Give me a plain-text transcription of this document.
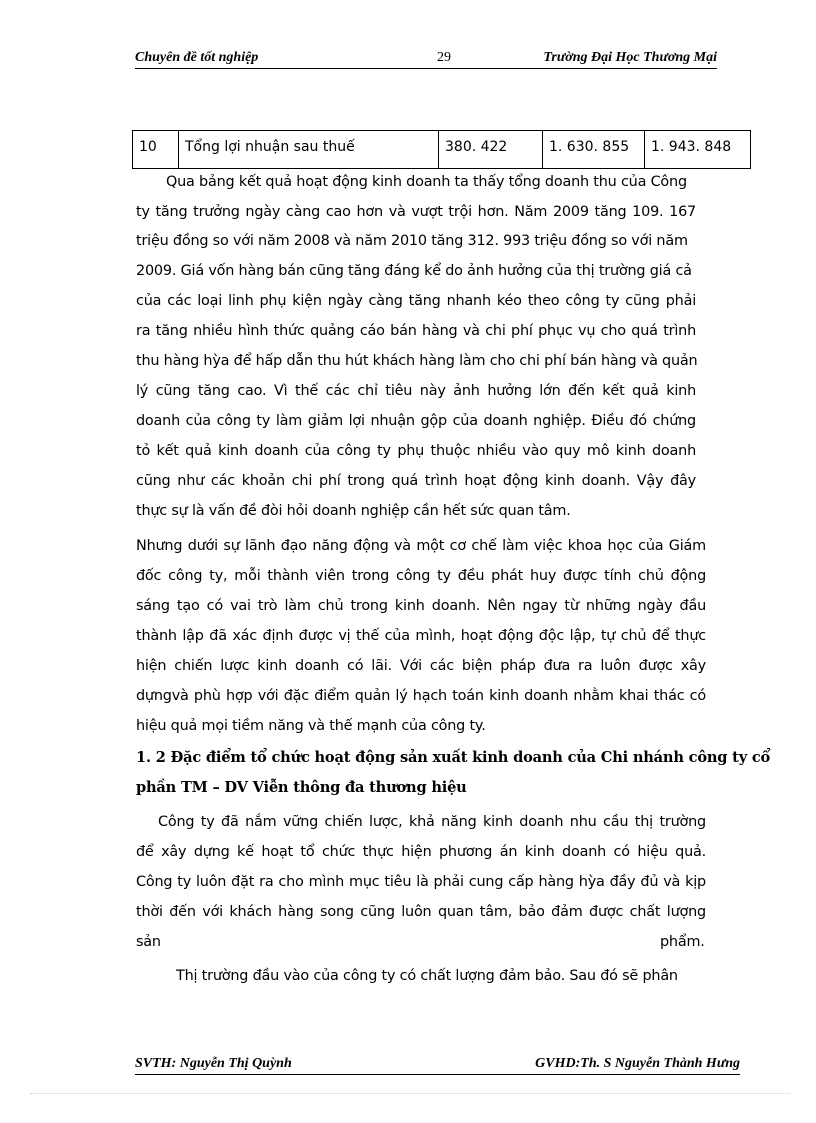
Chuyên đề tốt nghiệp	29	Trường Đại Học Thương Mại
10	Tổng lợi nhuận sau thuế	380. 422	1. 630. 855	1. 943. 848
Qua bảng kết quả hoạt động kinh doanh ta thấy tổng doanh thu của Công
ty tăng trưởng ngày càng cao hơn và vượt trội hơn. Năm 2009 tăng 109. 167
triệu đồng so với năm 2008 và năm 2010 tăng 312. 993 triệu đồng so với năm
2009. Giá vốn hàng bán cũng tăng đáng kể do ảnh hưởng của thị trường giá cả
của các loại linh phụ kiện ngày càng tăng nhanh kéo theo công ty cũng phải
ra tăng nhiều hình thức quảng cáo bán hàng và chi phí phục vụ cho quá trình
thu hàng hỳa để hấp dẫn thu hút khách hàng làm cho chi phí bán hàng và quản
lý cũng tăng cao. Vì thế các chỉ tiêu này ảnh hưởng lớn đến kết quả kinh
doanh của công ty làm giảm lợi nhuận gộp của doanh nghiệp. Điều đó chứng
tỏ kết quả kinh doanh của công ty phụ thuộc nhiều vào quy mô kinh doanh
cũng như các khoản chi phí trong quá trình hoạt động kinh doanh. Vậy đây
thực sự là vấn đề đòi hỏi doanh nghiệp cần hết sức quan tâm.
Nhưng dưới sự lãnh đạo năng động và một cơ chế làm việc khoa học của Giám
đốc công ty, mỗi thành viên trong công ty đều phát huy được tính chủ động
sáng tạo có vai trò làm chủ trong kinh doanh. Nên ngay từ những ngày đầu
thành lập đã xác định được vị thế của mình, hoạt động độc lập, tự chủ để thực
hiện chiến lược kinh doanh có lãi. Với các biện pháp đưa ra luôn được xây
dựngvà phù hợp với đặc điểm quản lý hạch toán kinh doanh nhằm khai thác có
hiệu quả mọi tiềm năng và thế mạnh của công ty.
1. 2 Đặc điểm tổ chức hoạt động sản xuất kinh doanh của Chi nhánh công ty cổ
phần TM – DV Viễn thông đa thương hiệu
Công ty đã nắm vững chiến lược, khả năng kinh doanh nhu cầu thị trường
để xây dựng kế hoạt tổ chức thực hiện phương án kinh doanh có hiệu quả.
Công ty luôn đặt ra cho mình mục tiêu là phải cung cấp hàng hỳa đầy đủ và kịp
thời đến với khách hàng song cũng luôn quan tâm, bảo đảm được chất lượng
sản	phẩm.
Thị trường đầu vào của công ty có chất lượng đảm bảo. Sau đó sẽ phân
SVTH: Nguyễn Thị Quỳnh	GVHD:Th. S Nguyễn Thành Hưng
